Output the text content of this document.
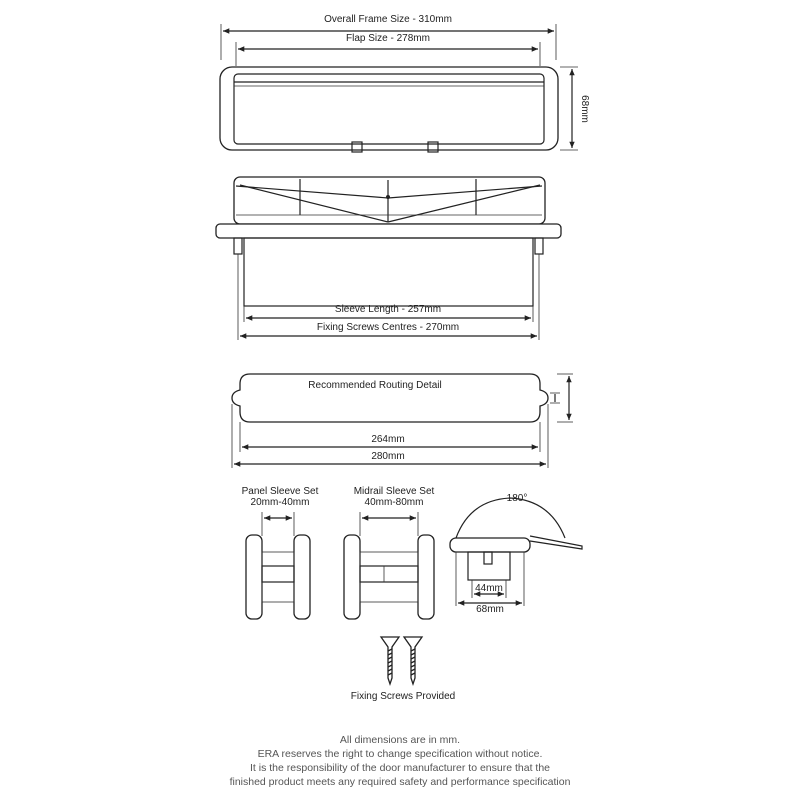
Overall Frame Size - 310mm
Flap Size - 278mm
68mm
Sleeve Length - 257mm
Fixing Screws Centres - 270mm
Recommended Routing Detail
264mm
280mm
Panel Sleeve Set
20mm-40mm
Midrail Sleeve Set
40mm-80mm	180°
44mm
68mm
Fixing Screws Provided
All dimensions are in mm.
ERA reserves the right to change specification without notice.
It is the responsibility of the door manufacturer to ensure that the
finished product meets any required safety and performance specification
